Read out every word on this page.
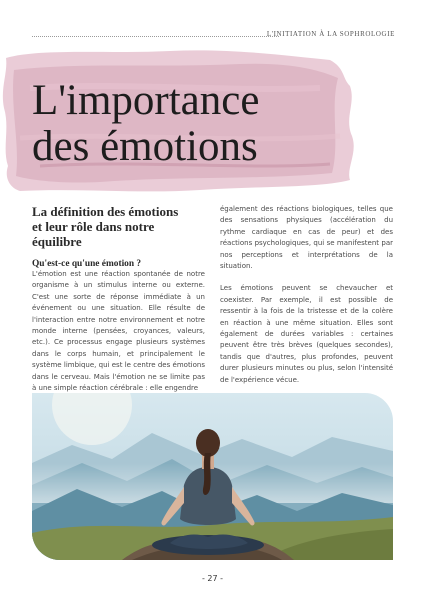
L'INITIATION À LA SOPHROLOGIE
L'importance
des émotions
La définition des émotions
et leur rôle dans notre équilibre
Qu'est-ce qu'une émotion ?

L'émotion est une réaction spontanée de notre organisme à un stimulus interne ou externe. C'est une sorte de réponse immédiate à un événement ou une situation. Elle résulte de l'interaction entre notre environnement et notre monde interne (pensées, croyances, valeurs, etc.). Ce processus engage plusieurs systèmes dans le corps humain, et principalement le système limbique, qui est le centre des émotions dans le cerveau. Mais l'émotion ne se limite pas à une simple réaction cérébrale : elle engendre

également des réactions biologiques, telles que des sensations physiques (accélération du rythme cardiaque en cas de peur) et des réactions psychologiques, qui se manifestent par nos perceptions et interprétations de la situation.

Les émotions peuvent se chevaucher et coexister. Par exemple, il est possible de ressentir à la fois de la tristesse et de la colère en réaction à une même situation. Elles sont également de durées variables : certaines peuvent être très brèves (quelques secondes), tandis que d'autres, plus profondes, peuvent durer plusieurs minutes ou plus, selon l'intensité de l'expérience vécue.

- 27 -
